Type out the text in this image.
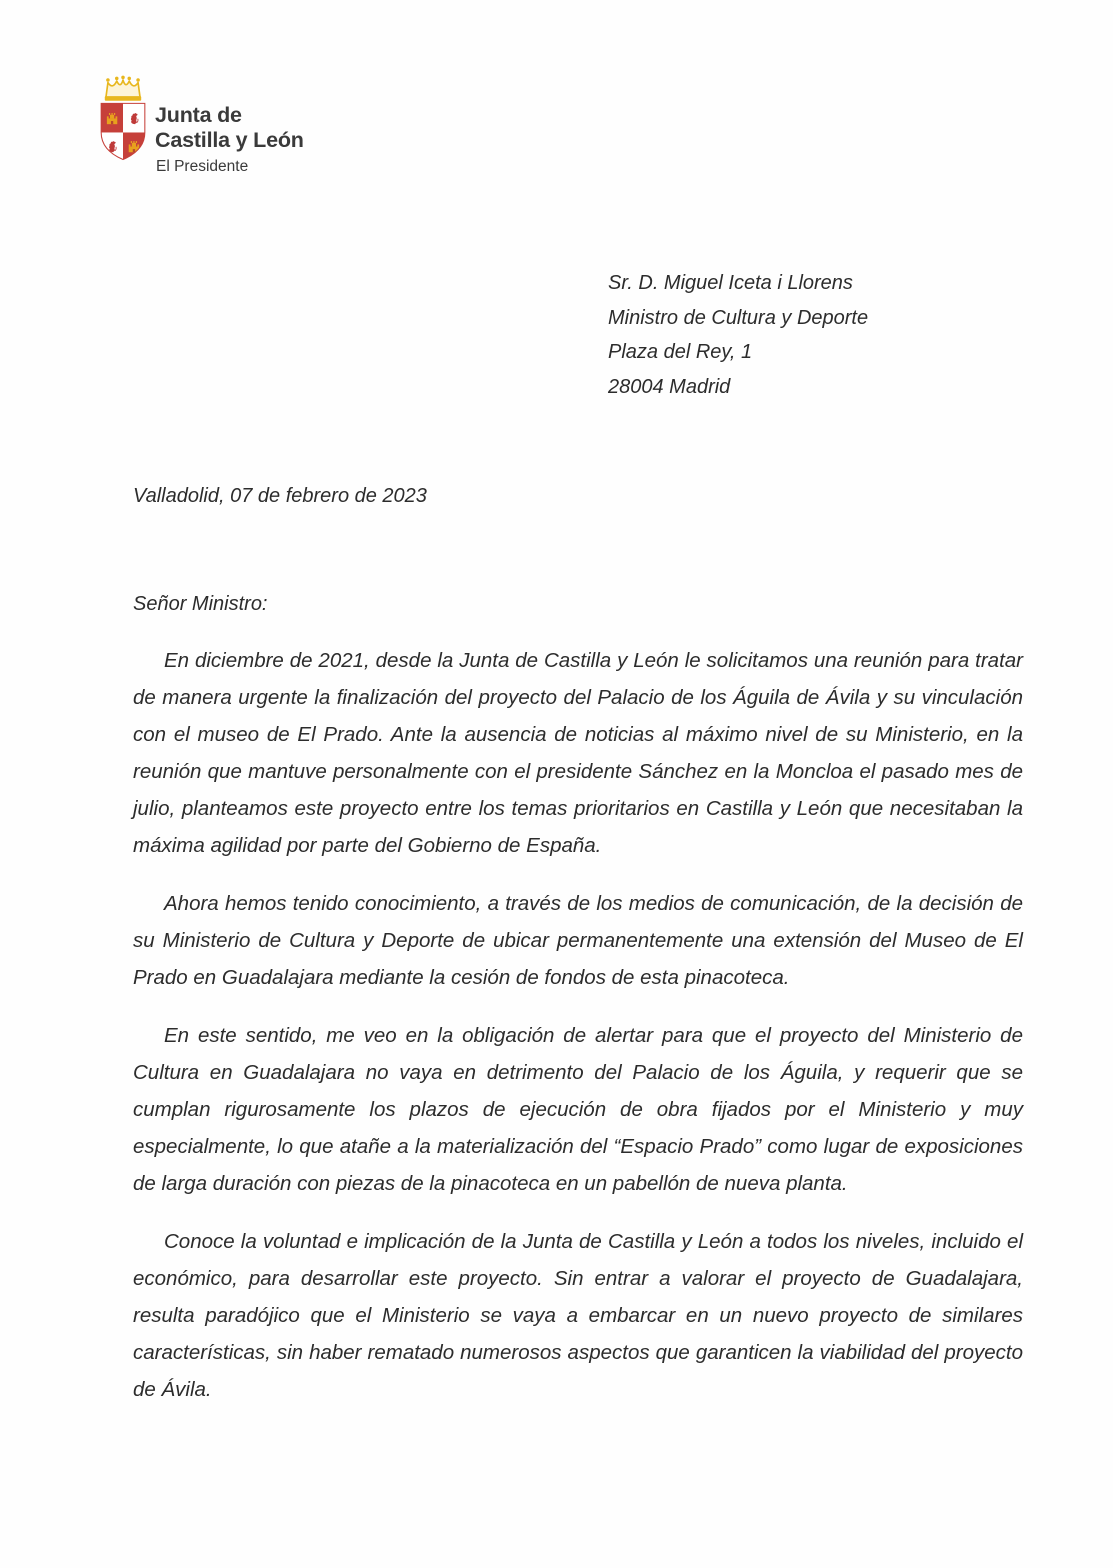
Junta de
Castilla y León
El Presidente
Sr. D. Miguel Iceta i Llorens
Ministro de Cultura y Deporte
Plaza del Rey, 1
28004 Madrid
Valladolid, 07 de febrero de 2023
Señor Ministro:

En diciembre de 2021, desde la Junta de Castilla y León le solicitamos una reunión para tratar de manera urgente la finalización del proyecto del Palacio de los Águila de Ávila y su vinculación con el museo de El Prado. Ante la ausencia de noticias al máximo nivel de su Ministerio, en la reunión que mantuve personalmente con el presidente Sánchez en la Moncloa el pasado mes de julio, planteamos este proyecto entre los temas prioritarios en Castilla y León que necesitaban la máxima agilidad por parte del Gobierno de España.

Ahora hemos tenido conocimiento, a través de los medios de comunicación, de la decisión de su Ministerio de Cultura y Deporte de ubicar permanentemente una extensión del Museo de El Prado en Guadalajara mediante la cesión de fondos de esta pinacoteca.

En este sentido, me veo en la obligación de alertar para que el proyecto del Ministerio de Cultura en Guadalajara no vaya en detrimento del Palacio de los Águila, y requerir que se cumplan rigurosamente los plazos de ejecución de obra fijados por el Ministerio y muy especialmente, lo que atañe a la materialización del “Espacio Prado” como lugar de exposiciones de larga duración con piezas de la pinacoteca en un pabellón de nueva planta.

Conoce la voluntad e implicación de la Junta de Castilla y León a todos los niveles, incluido el económico, para desarrollar este proyecto. Sin entrar a valorar el proyecto de Guadalajara, resulta paradójico que el Ministerio se vaya a embarcar en un nuevo proyecto de similares características, sin haber rematado numerosos aspectos que garanticen la viabilidad del proyecto de Ávila.
